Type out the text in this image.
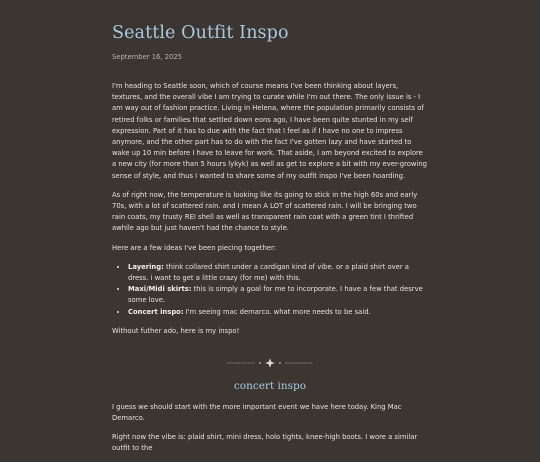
Seattle Outfit Inspo
September 16, 2025

I'm heading to Seattle soon, which of course means I've been thinking about layers, textures, and the overall vibe I am trying to curate while I'm out there. The only issue is - I am way out of fashion practice. Living in Helena, where the population primarily consists of retired folks or families that settled down eons ago, I have been quite stunted in my self expression. Part of it has to due with the fact that I feel as if I have no one to impress anymore, and the other part has to do with the fact I've gotten lazy and have started to wake up 10 min before I have to leave for work. That aside, I am beyond excited to explore a new city (for more than 5 hours lykyk) as well as get to explore a bit with my ever-growing sense of style, and thus I wanted to share some of my outfit inspo I've been hoarding.

As of right now, the temperature is looking like its going to stick in the high 60s and early 70s, with a lot of scattered rain. and I mean A LOT of scattered rain. I will be bringing two rain coats, my trusty REI shell as well as transparent rain coat with a green tint I thrifted awhile ago but just haven't had the chance to style.

Here are a few ideas I've been piecing together:

• Layering: think collared shirt under a cardigan kind of vibe. or a plaid shirt over a dress. i want to get a little crazy (for me) with this.
• Maxi/Midi skirts: this is simply a goal for me to incorporate. I have a few that desrve some love.
• Concert inspo: I'm seeing mac demarco. what more needs to be said.

Without futher ado, here is my inspo!

concert inspo

I guess we should start with the more important event we have here today. King Mac Demarco.

Right now the vibe is: plaid shirt, mini dress, holo tights, knee-high boots. I wore a similar outfit to the
